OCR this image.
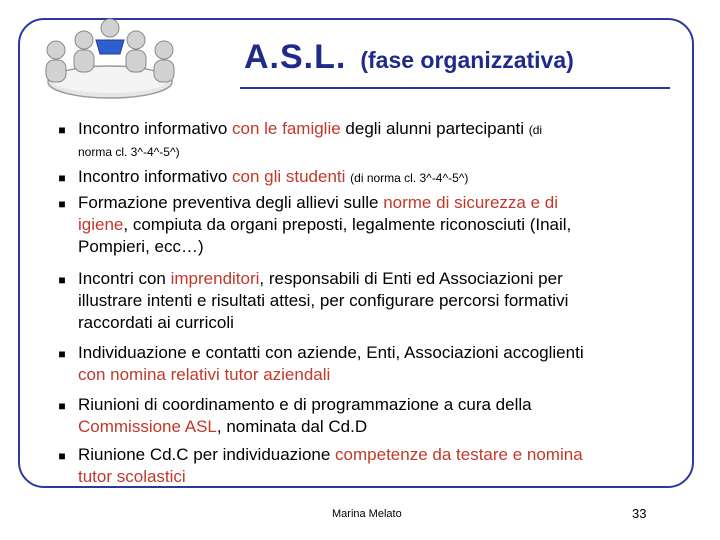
A.S.L. (fase organizzativa)
■ Incontro informativo con le famiglie degli alunni partecipanti (di
norma cl. 3^-4^-5^)
■ Incontro informativo con gli studenti (di norma cl. 3^-4^-5^)
■ Formazione preventiva degli allievi sulle norme di sicurezza e di
igiene, compiuta da organi preposti, legalmente riconosciuti (Inail,
Pompieri, ecc…)
■ Incontri con imprenditori, responsabili di Enti ed Associazioni per
illustrare intenti e risultati attesi, per configurare percorsi formativi
raccordati ai curricoli
■ Individuazione e contatti con aziende, Enti, Associazioni accoglienti
con nomina relativi tutor aziendali
■ Riunioni di coordinamento e di programmazione a cura della
Commissione ASL, nominata dal Cd.D
■ Riunione Cd.C per individuazione competenze da testare e nomina
tutor scolastici
Marina Melato	33
